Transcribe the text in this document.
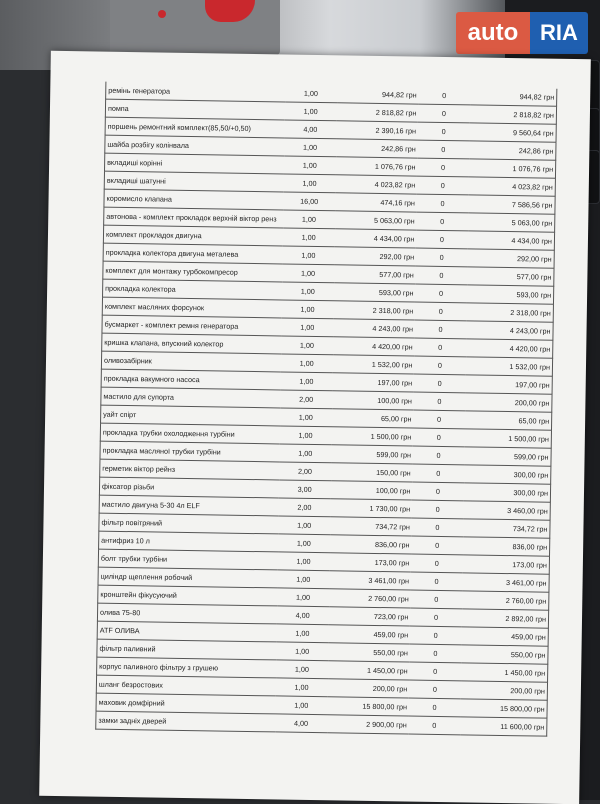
auto RIA
ремінь генератора	1,00	944,82 грн	0	944,82 грн
помпа	1,00	2 818,82 грн	0	2 818,82 грн
поршень ремонтний комплект(85,50/+0,50)	4,00	2 390,16 грн	0	9 560,64 грн
шайба розбігу колінвала	1,00	242,86 грн	0	242,86 грн
вкладиші корінні	1,00	1 076,76 грн	0	1 076,76 грн
вкладиші шатунні	1,00	4 023,82 грн	0	4 023,82 грн
коромисло клапана	16,00	474,16 грн	0	7 586,56 грн
автонова - комплект прокладок верхній віктор ренз	1,00	5 063,00 грн	0	5 063,00 грн
комплект прокладок двигуна	1,00	4 434,00 грн	0	4 434,00 грн
прокладка колектора двигуна металева	1,00	292,00 грн	0	292,00 грн
комплект для монтажу турбокомпресор	1,00	577,00 грн	0	577,00 грн
прокладка колектора	1,00	593,00 грн	0	593,00 грн
комплект масляних форсунок	1,00	2 318,00 грн	0	2 318,00 грн
бусмаркет - комплект ремня генератора	1,00	4 243,00 грн	0	4 243,00 грн
кришка клапана, впускний колектор	1,00	4 420,00 грн	0	4 420,00 грн
оливозабірник	1,00	1 532,00 грн	0	1 532,00 грн
прокладка вакумного насоса	1,00	197,00 грн	0	197,00 грн
мастило для супорта	2,00	100,00 грн	0	200,00 грн
уайт спірт	1,00	65,00 грн	0	65,00 грн
прокладка трубки охолодження турбіни	1,00	1 500,00 грн	0	1 500,00 грн
прокладка масляної трубки турбіни	1,00	599,00 грн	0	599,00 грн
герметик віктор рейнз	2,00	150,00 грн	0	300,00 грн
фіксатор різьби	3,00	100,00 грн	0	300,00 грн
мастило двигуна 5-30 4л ELF	2,00	1 730,00 грн	0	3 460,00 грн
фільтр повітряний	1,00	734,72 грн	0	734,72 грн
антифриз 10 л	1,00	836,00 грн	0	836,00 грн
болт трубки турбіни	1,00	173,00 грн	0	173,00 грн
циліндр щеплення робочий	1,00	3 461,00 грн	0	3 461,00 грн
кронштейн фікусуючий	1,00	2 760,00 грн	0	2 760,00 грн
олива 75-80	4,00	723,00 грн	0	2 892,00 грн
ATF ОЛИВА	1,00	459,00 грн	0	459,00 грн
фільтр паливний	1,00	550,00 грн	0	550,00 грн
корпус паливного фільтру з грушею	1,00	1 450,00 грн	0	1 450,00 грн
шланг безростових	1,00	200,00 грн	0	200,00 грн
маховик домфірний	1,00	15 800,00 грн	0	15 800,00 грн
замки задніх дверей	4,00	2 900,00 грн	0	11 600,00 грн
